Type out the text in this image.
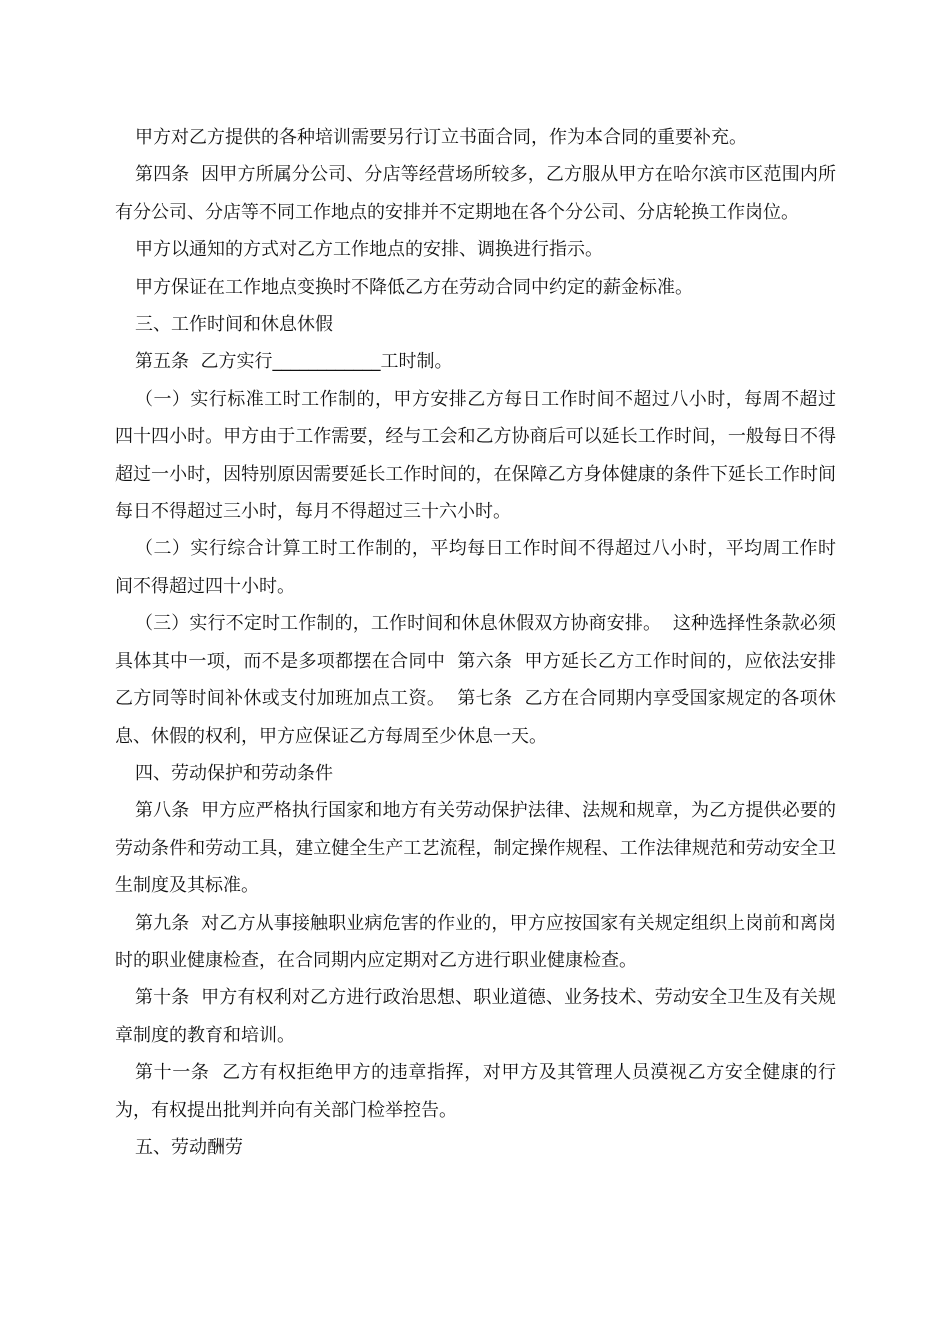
甲方对乙方提供的各种培训需要另行订立书面合同，作为本合同的重要补充。

第四条  因甲方所属分公司、分店等经营场所较多，乙方服从甲方在哈尔滨市区范围内所有分公司、分店等不同工作地点的安排并不定期地在各个分公司、分店轮换工作岗位。

甲方以通知的方式对乙方工作地点的安排、调换进行指示。

甲方保证在工作地点变换时不降低乙方在劳动合同中约定的薪金标准。

三、工作时间和休息休假

第五条  乙方实行____________工时制。

（一）实行标准工时工作制的，甲方安排乙方每日工作时间不超过八小时，每周不超过四十四小时。甲方由于工作需要，经与工会和乙方协商后可以延长工作时间，一般每日不得超过一小时，因特别原因需要延长工作时间的，在保障乙方身体健康的条件下延长工作时间每日不得超过三小时，每月不得超过三十六小时。

（二）实行综合计算工时工作制的，平均每日工作时间不得超过八小时，平均周工作时间不得超过四十小时。

（三）实行不定时工作制的，工作时间和休息休假双方协商安排。  这种选择性条款必须具体其中一项，而不是多项都摆在合同中  第六条  甲方延长乙方工作时间的，应依法安排乙方同等时间补休或支付加班加点工资。  第七条  乙方在合同期内享受国家规定的各项休息、休假的权利，甲方应保证乙方每周至少休息一天。

四、劳动保护和劳动条件

第八条  甲方应严格执行国家和地方有关劳动保护法律、法规和规章，为乙方提供必要的劳动条件和劳动工具，建立健全生产工艺流程，制定操作规程、工作法律规范和劳动安全卫生制度及其标准。

第九条  对乙方从事接触职业病危害的作业的，甲方应按国家有关规定组织上岗前和离岗时的职业健康检查，在合同期内应定期对乙方进行职业健康检查。

第十条  甲方有权利对乙方进行政治思想、职业道德、业务技术、劳动安全卫生及有关规章制度的教育和培训。

第十一条  乙方有权拒绝甲方的违章指挥，对甲方及其管理人员漠视乙方安全健康的行为，有权提出批判并向有关部门检举控告。

五、劳动酬劳
